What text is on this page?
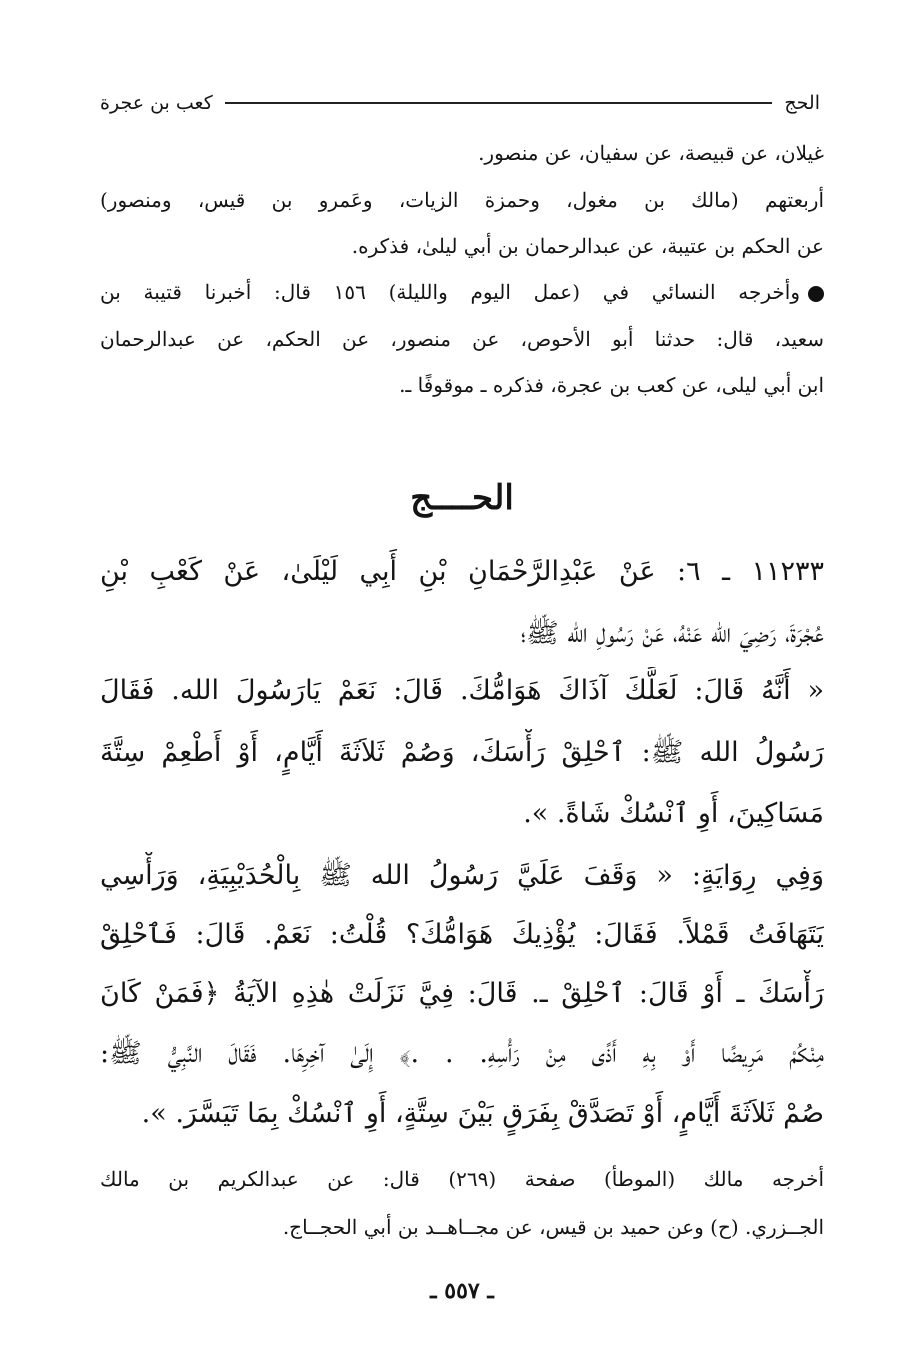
الحج
كعب بن عجرة
غيلان، عن قبيصة، عن سفيان، عن منصور.
أربعتهم (مالك بن مغول، وحمزة الزيات، وعَمرو بن قيس، ومنصور)
عن الحكم بن عتيبة، عن عبدالرحمان بن أبي ليلىٰ، فذكره.
وأخرجه النسائي في (عمل اليوم والليلة) ١٥٦ قال: أخبرنا قتيبة بن
سعيد، قال: حدثنا أبو الأحوص، عن منصور، عن الحكم، عن عبدالرحمان
ابن أبي ليلى، عن كعب بن عجرة، فذكره ـ موقوفًا ـ.
الحــــج
١١٢٣٣ ـ ٦: عَنْ عَبْدِالرَّحْمَانِ بْنِ أَبِي لَيْلَىٰ، عَنْ كَعْبِ بْنِ
عُجْرَةَ، رَضِيَ الله عَنْهُ، عَنْ رَسُولِ الله ﷺ؛
« أَنَّهُ قَالَ: لَعَلَّكَ آذَاكَ هَوَامُّكَ. قَالَ: نَعَمْ يَارَسُولَ الله. فَقَالَ
رَسُولُ الله ﷺ: ٱحْلِقْ رَأْسَكَ، وَصُمْ ثَلاَثَةَ أَيَّامٍ، أَوْ أَطْعِمْ سِتَّةَ
مَسَاكِينَ، أَوِ ٱنْسُكْ شَاةً. ».
وَفِي رِوَايَةٍ: « وَقَفَ عَلَيَّ رَسُولُ الله ﷺ بِالْحُدَيْبِيَةِ، وَرَأْسِي
يَتَهَافَتُ قَمْلاً. فَقَالَ: يُؤْذِيكَ هَوَامُّكَ؟ قُلْتُ: نَعَمْ. قَالَ: فَٱحْلِقْ
رَأْسَكَ ـ أَوْ قَالَ: ٱحْلِقْ ـ. قَالَ: فِيَّ نَزَلَتْ هٰذِهِ الآيَةُ ﴿فَمَنْ كَانَ
مِنْكُمْ مَرِيضًا أَوْ بِهِ أَذًى مِنْ رَأْسِهِ. . .﴾ إِلَىٰ آخِرِهَا. فَقَالَ النَّبِيُّ ﷺ:
صُمْ ثَلاَثَةَ أَيَّامٍ، أَوْ تَصَدَّقْ بِفَرَقٍ بَيْنَ سِتَّةٍ، أَوِ ٱنْسُكْ بِمَا تَيَسَّرَ. ».
أخرجه مالك (الموطأ) صفحة (٢٦٩) قال: عن عبدالكريم بن مالك
الجــزري. (ح) وعن حميد بن قيس، عن مجــاهــد بن أبي الحجــاج.
ـ ٥٥٧ ـ
